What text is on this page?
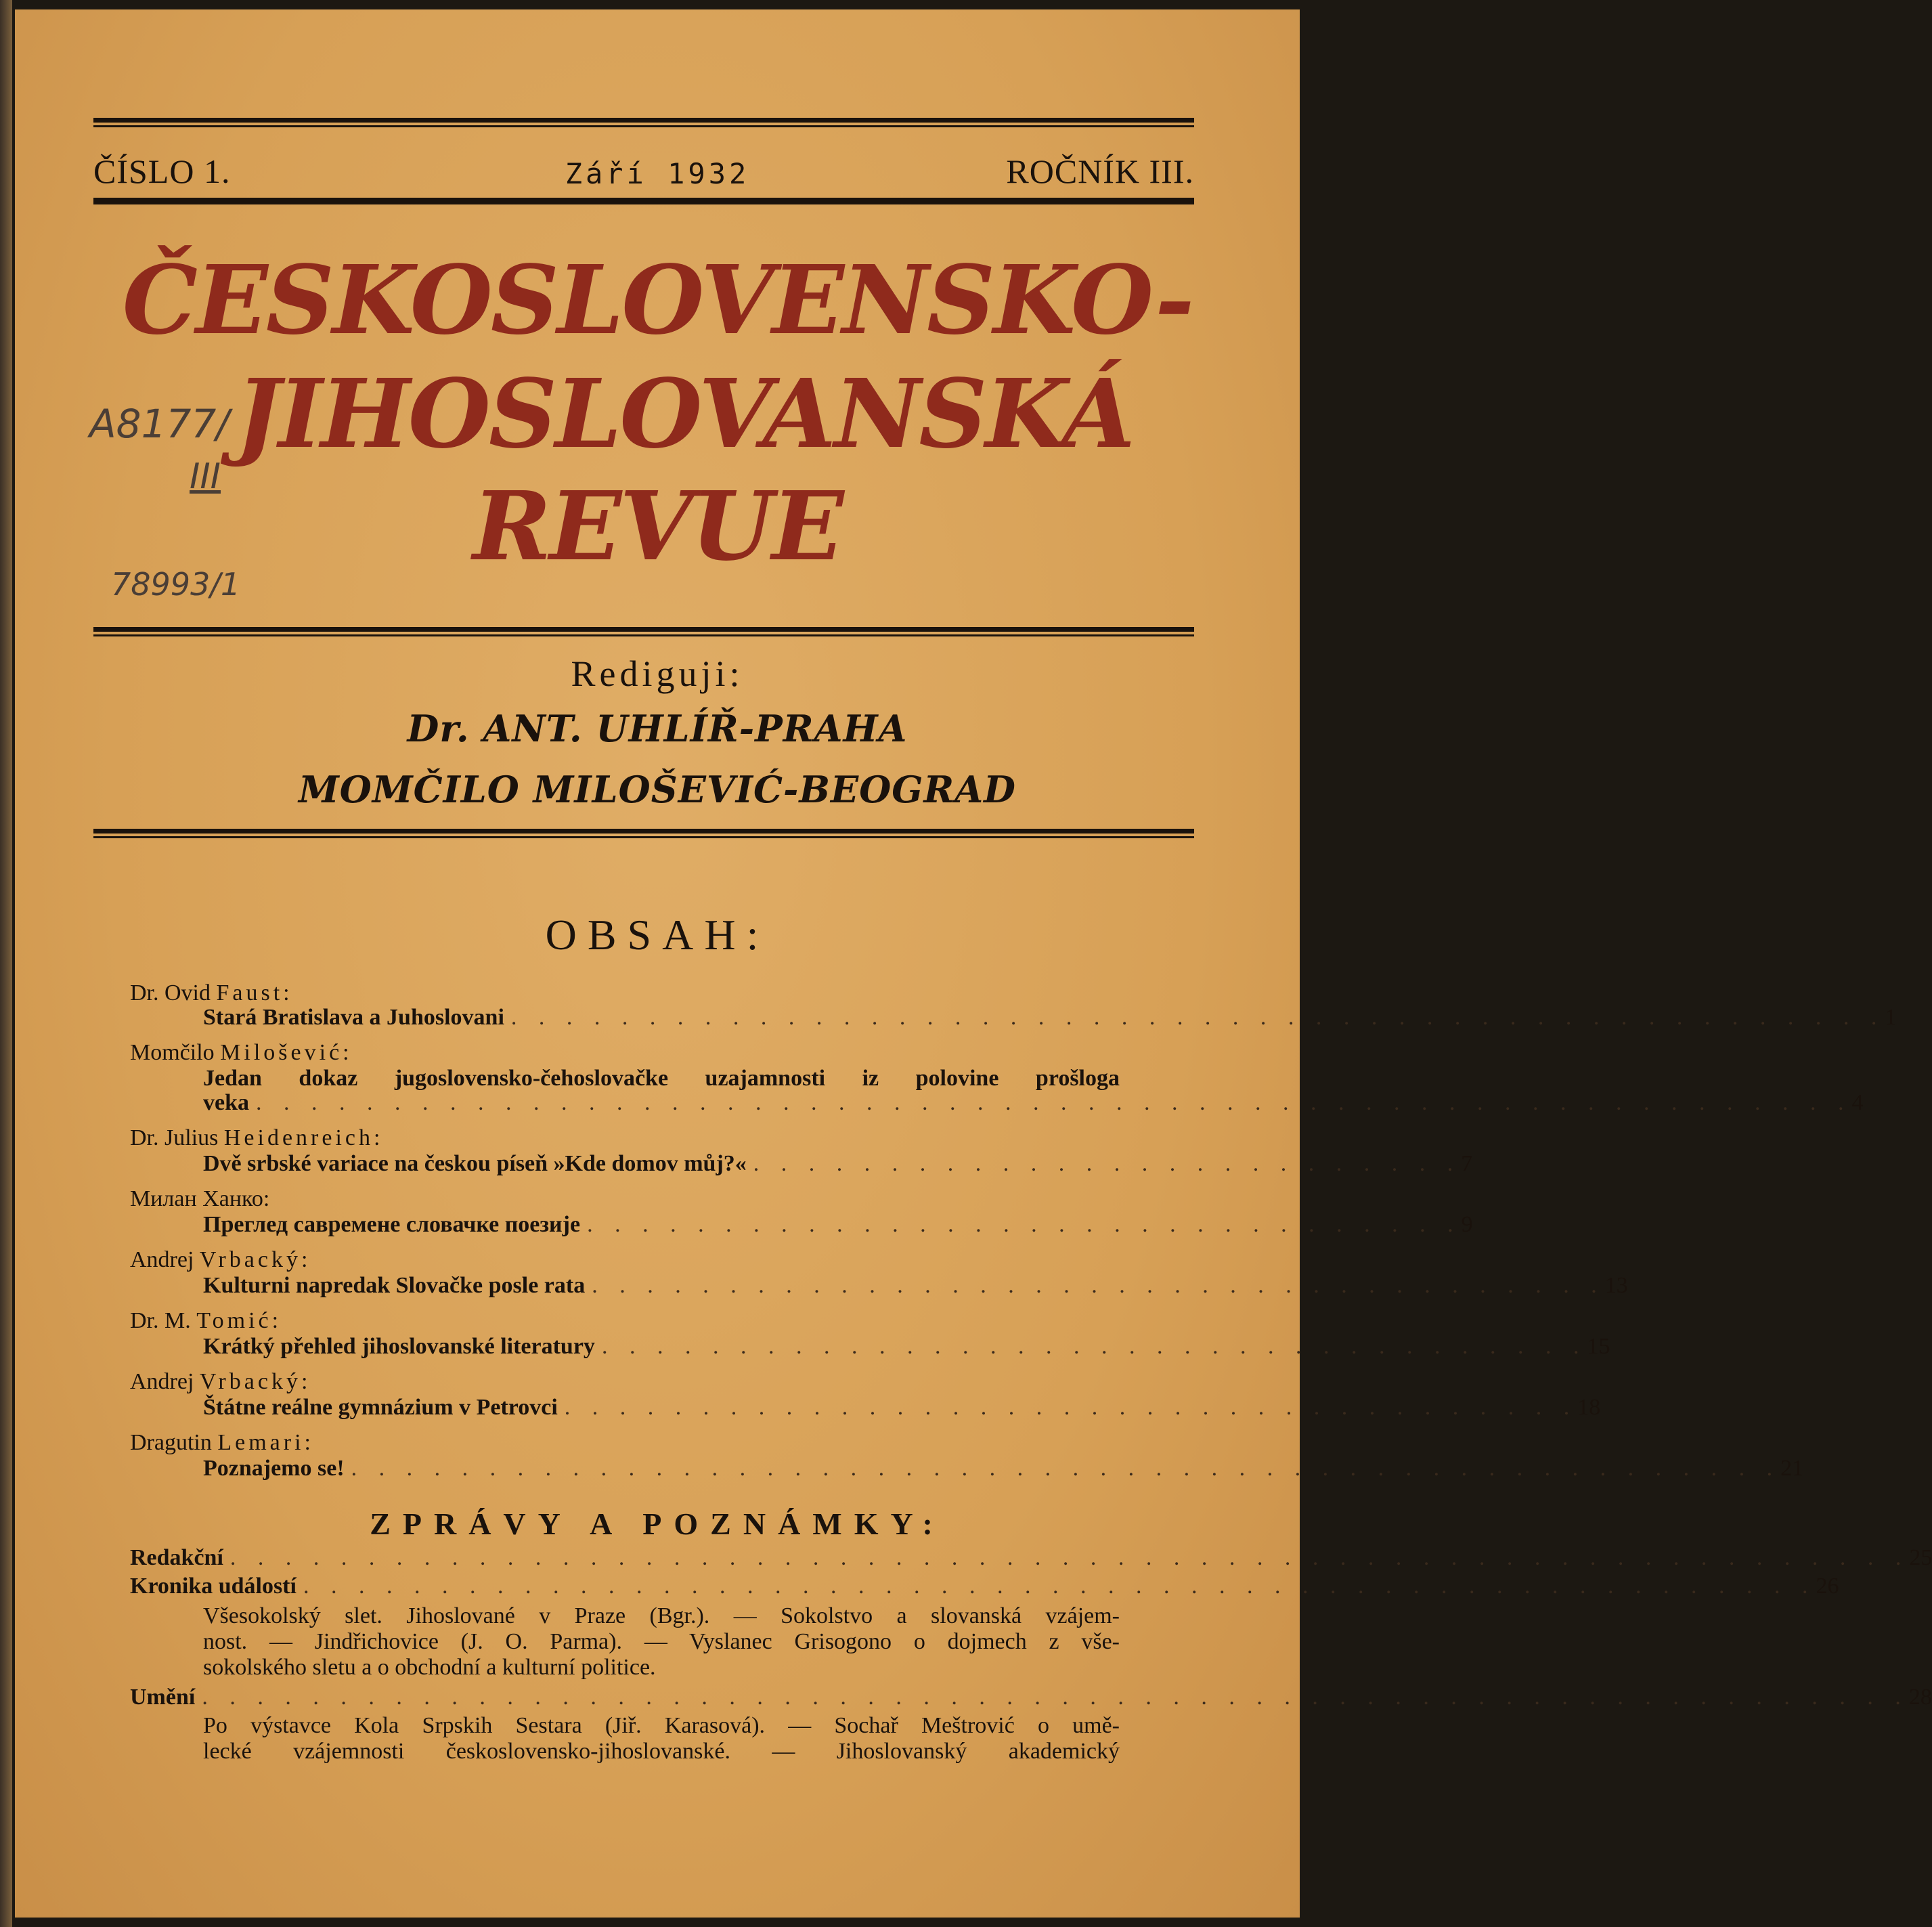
ČÍSLO 1.	Září 1932	ROČNÍK III.
ČESKOSLOVENSKO-
JIHOSLOVANSKÁ
REVUE
A8177/
III
78993/1
Rediguji:
Dr. ANT. UHLÍŘ-PRAHA
MOMČILO MILOŠEVIĆ-BEOGRAD
OBSAH:
Dr. Ovid Faust:
Stará Bratislava a Juhoslovani . . . . . . . . . . . . . . . . . . . . . . . . . . . . . . . . . . . . . . . . . . . . . . . . . . 1
Momčilo Milošević:
Jedan dokaz jugoslovensko-čehoslovačke uzajamnosti iz polovine prošloga
veka . . . . . . . . . . . . . . . . . . . . . . . . . . . . . . . . . . . . . . . . . . . . . . . . . . . . . . . . . . 4
Dr. Julius Heidenreich:
Dvě srbské variace na českou píseň »Kde domov můj?« . . . . . . . . . . . . . . . . . . . . . . . . . . 7
Милан Ханко:
Преглед савремене словачке поезије . . . . . . . . . . . . . . . . . . . . . . . . . . . . . . . . 9
Andrej Vrbacký:
Kulturni napredak Slovačke posle rata . . . . . . . . . . . . . . . . . . . . . . . . . . . . . . . . . . . . . 13
Dr. M. Tomić:
Krátký přehled jihoslovanské literatury . . . . . . . . . . . . . . . . . . . . . . . . . . . . . . . . . . . . 15
Andrej Vrbacký:
Štátne reálne gymnázium v Petrovci . . . . . . . . . . . . . . . . . . . . . . . . . . . . . . . . . . . . . 18
Dragutin Lemari:
Poznajemo se! . . . . . . . . . . . . . . . . . . . . . . . . . . . . . . . . . . . . . . . . . . . . . . . . . . . . 21
ZPRÁVY A POZNÁMKY:
Redakční . . . . . . . . . . . . . . . . . . . . . . . . . . . . . . . . . . . . . . . . . . . . . . . . . . . . . . . . . . . . . 25
Kronika událostí . . . . . . . . . . . . . . . . . . . . . . . . . . . . . . . . . . . . . . . . . . . . . . . . . . . . . . . 26
Všesokolský slet. Jihoslované v Praze (Bgr.). — Sokolstvo a slovanská vzájem-
nost. — Jindřichovice (J. O. Parma). — Vyslanec Grisogono o dojmech z vše-
sokolského sletu a o obchodní a kulturní politice.
Umění . . . . . . . . . . . . . . . . . . . . . . . . . . . . . . . . . . . . . . . . . . . . . . . . . . . . . . . . . . . . . . 28
Po výstavce Kola Srpskih Sestara (Jiř. Karasová). — Sochař Meštrović o umě-
lecké vzájemnosti československo-jihoslovanské. — Jihoslovanský akademický
